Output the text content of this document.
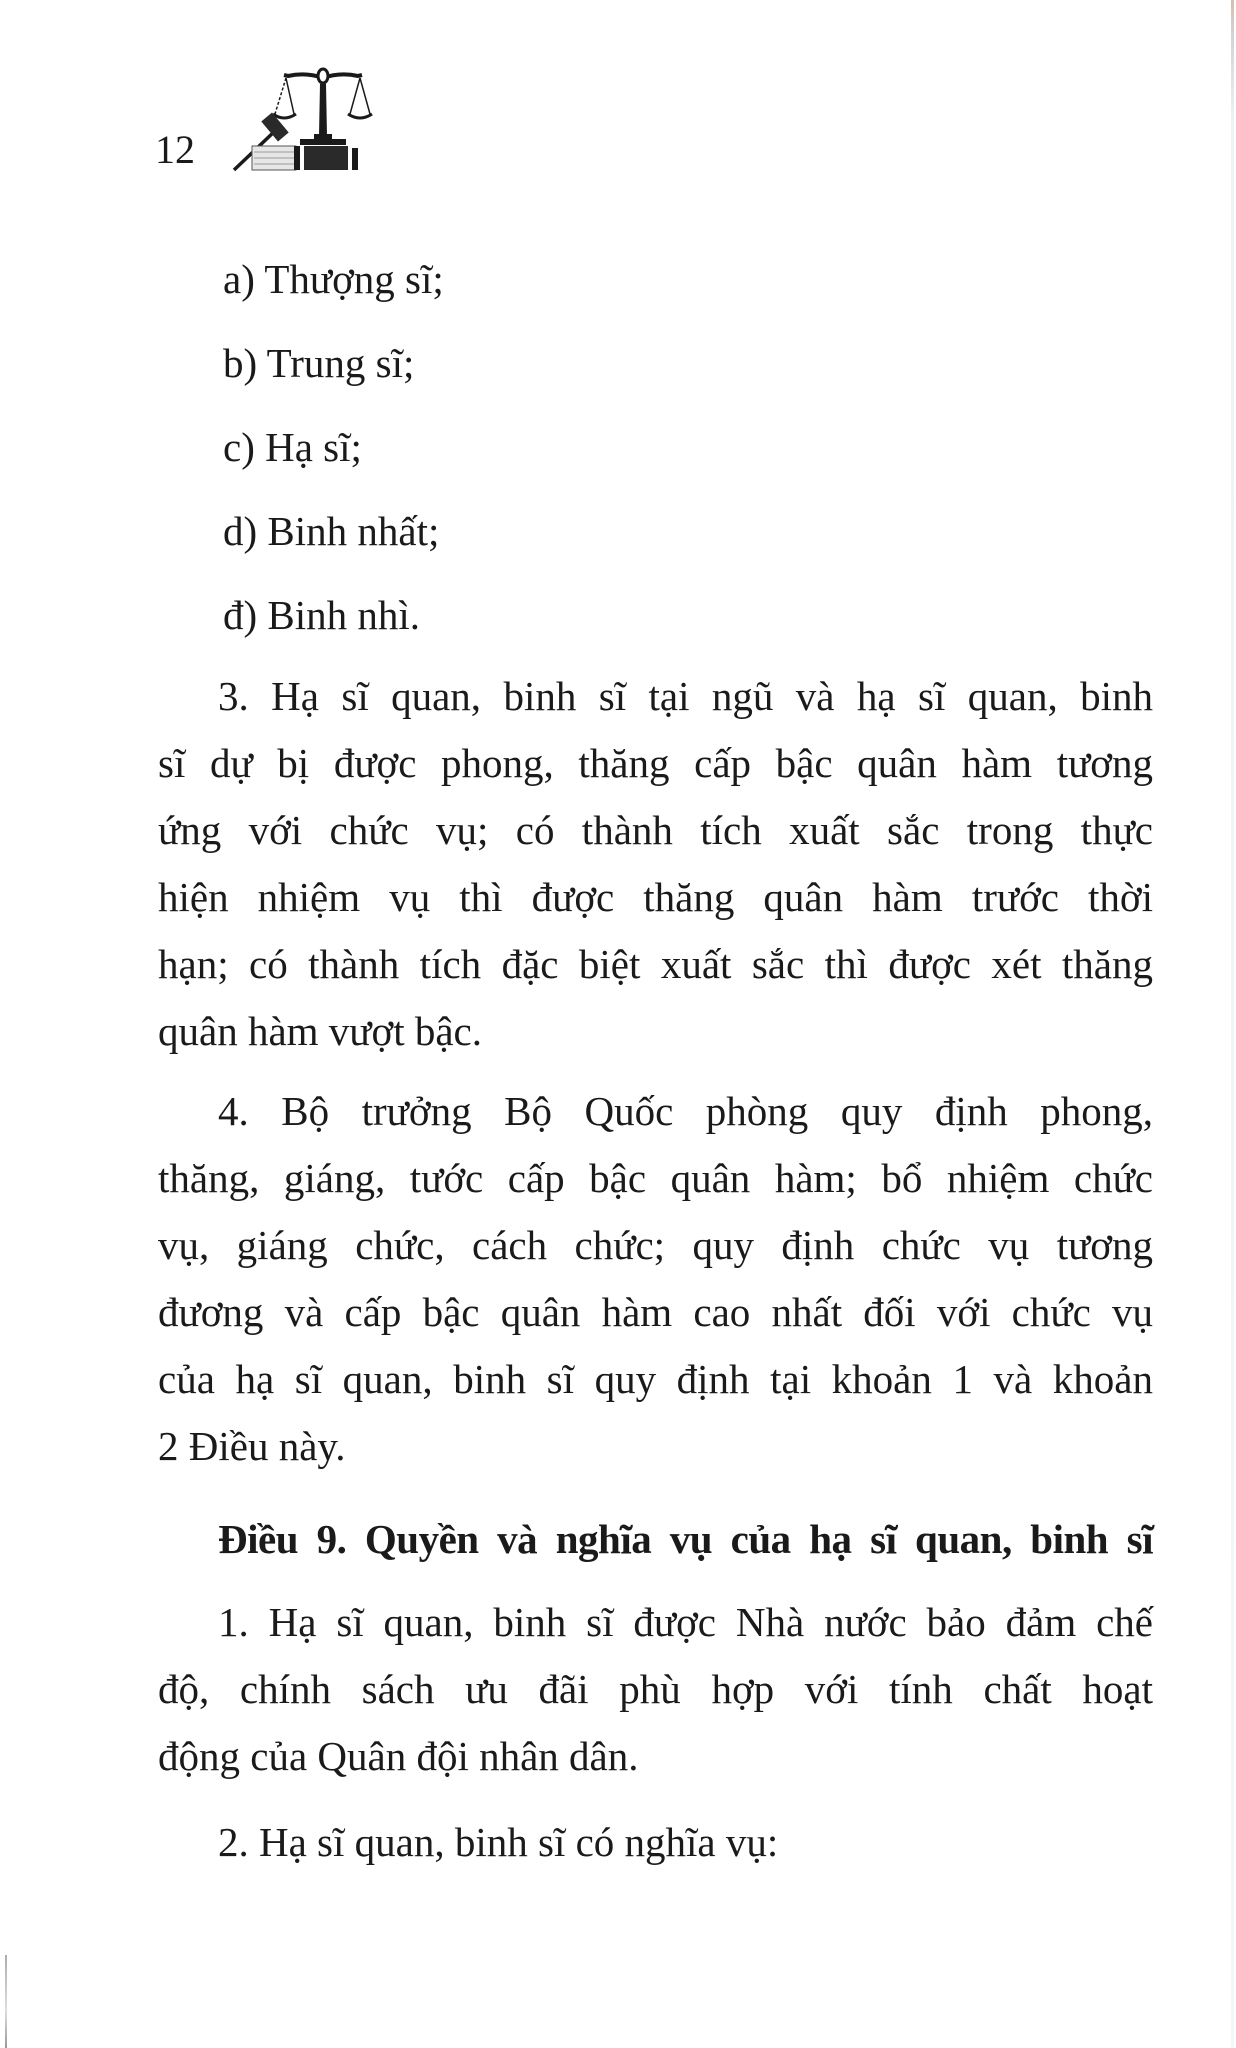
12
a) Thượng sĩ;
b) Trung sĩ;
c) Hạ sĩ;
d) Binh nhất;
đ) Binh nhì.
3. Hạ sĩ quan, binh sĩ tại ngũ và hạ sĩ quan, binh
sĩ dự bị được phong, thăng cấp bậc quân hàm tương
ứng với chức vụ; có thành tích xuất sắc trong thực
hiện nhiệm vụ thì được thăng quân hàm trước thời
hạn; có thành tích đặc biệt xuất sắc thì được xét thăng
quân hàm vượt bậc.
4. Bộ trưởng Bộ Quốc phòng quy định phong,
thăng, giáng, tước cấp bậc quân hàm; bổ nhiệm chức
vụ, giáng chức, cách chức; quy định chức vụ tương
đương và cấp bậc quân hàm cao nhất đối với chức vụ
của hạ sĩ quan, binh sĩ quy định tại khoản 1 và khoản
2 Điều này.
Điều 9. Quyền và nghĩa vụ của hạ sĩ quan, binh sĩ
1. Hạ sĩ quan, binh sĩ được Nhà nước bảo đảm chế
độ, chính sách ưu đãi phù hợp với tính chất hoạt
động của Quân đội nhân dân.
2. Hạ sĩ quan, binh sĩ có nghĩa vụ:
